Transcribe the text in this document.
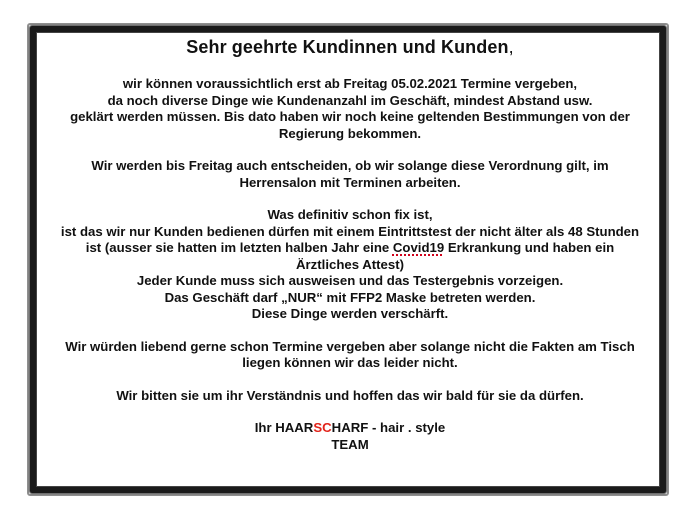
Sehr geehrte Kundinnen und Kunden,

wir können voraussichtlich erst ab Freitag 05.02.2021 Termine vergeben,
da noch diverse Dinge wie Kundenanzahl im Geschäft, mindest Abstand usw.
geklärt werden müssen. Bis dato haben wir noch keine geltenden Bestimmungen von der
Regierung bekommen.

Wir werden bis Freitag auch entscheiden, ob wir solange diese Verordnung gilt, im
Herrensalon mit Terminen arbeiten.

Was definitiv schon fix ist,
ist das wir nur Kunden bedienen dürfen mit einem Eintrittstest der nicht älter als 48 Stunden
ist (ausser sie hatten im letzten halben Jahr eine Covid19 Erkrankung und haben ein
Ärztliches Attest)
Jeder Kunde muss sich ausweisen und das Testergebnis vorzeigen.
Das Geschäft darf „NUR“ mit FFP2 Maske betreten werden.
Diese Dinge werden verschärft.

Wir würden liebend gerne schon Termine vergeben aber solange nicht die Fakten am Tisch
liegen können wir das leider nicht.

Wir bitten sie um ihr Verständnis und hoffen das wir bald für sie da dürfen.

Ihr HAARSCHARF - hair . style
TEAM
